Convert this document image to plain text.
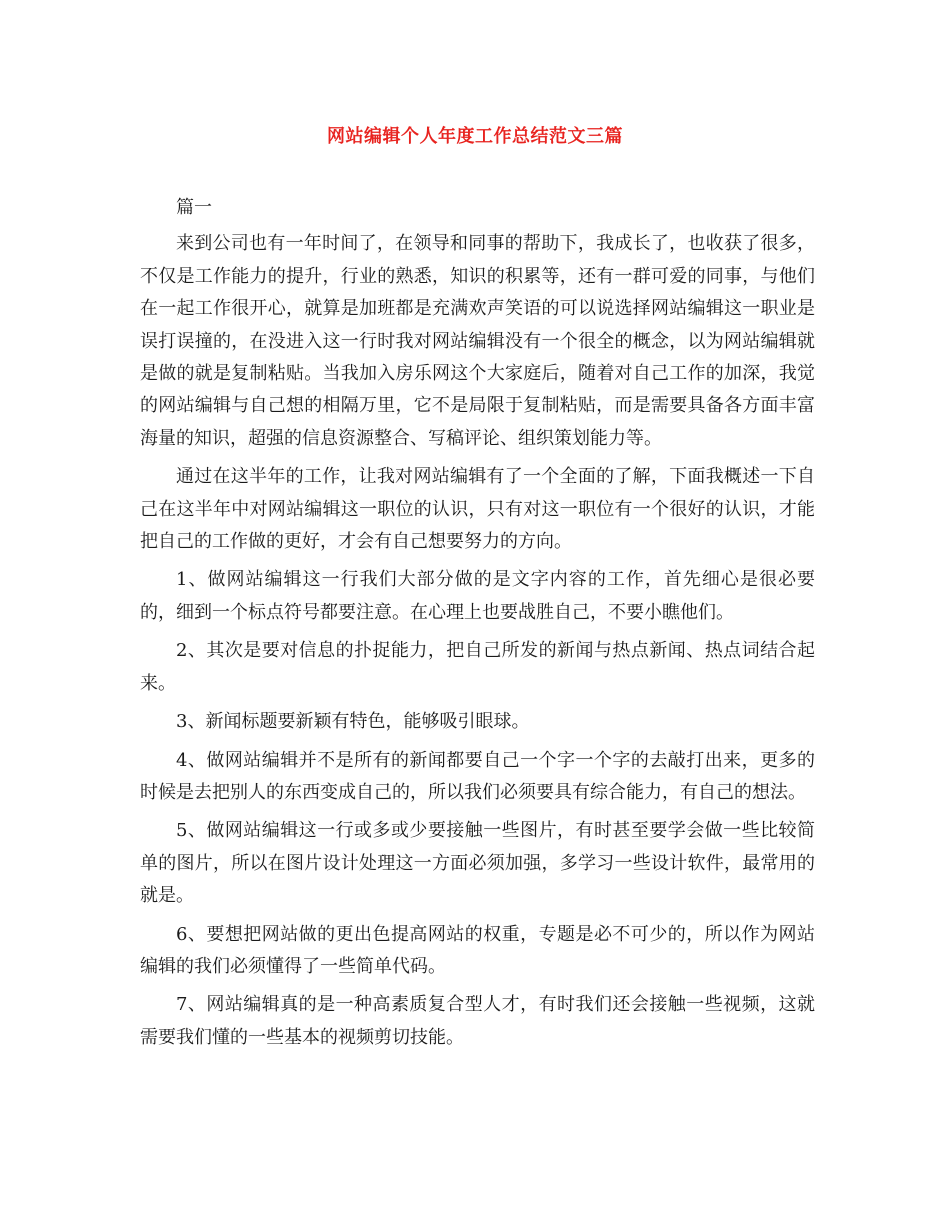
网站编辑个人年度工作总结范文三篇

篇一

来到公司也有一年时间了，在领导和同事的帮助下，我成长了，也收获了很多，不仅是工作能力的提升，行业的熟悉，知识的积累等，还有一群可爱的同事，与他们在一起工作很开心，就算是加班都是充满欢声笑语的可以说选择网站编辑这一职业是误打误撞的，在没进入这一行时我对网站编辑没有一个很全的概念，以为网站编辑就是做的就是复制粘贴。当我加入房乐网这个大家庭后，随着对自己工作的加深，我觉的网站编辑与自己想的相隔万里，它不是局限于复制粘贴，而是需要具备各方面丰富海量的知识，超强的信息资源整合、写稿评论、组织策划能力等。

通过在这半年的工作，让我对网站编辑有了一个全面的了解，下面我概述一下自己在这半年中对网站编辑这一职位的认识，只有对这一职位有一个很好的认识，才能把自己的工作做的更好，才会有自己想要努力的方向。

1、做网站编辑这一行我们大部分做的是文字内容的工作，首先细心是很必要的，细到一个标点符号都要注意。在心理上也要战胜自己，不要小瞧他们。

2、其次是要对信息的扑捉能力，把自己所发的新闻与热点新闻、热点词结合起来。

3、新闻标题要新颖有特色，能够吸引眼球。

4、做网站编辑并不是所有的新闻都要自己一个字一个字的去敲打出来，更多的时候是去把别人的东西变成自己的，所以我们必须要具有综合能力，有自己的想法。

5、做网站编辑这一行或多或少要接触一些图片，有时甚至要学会做一些比较简单的图片，所以在图片设计处理这一方面必须加强，多学习一些设计软件，最常用的就是。

6、要想把网站做的更出色提高网站的权重，专题是必不可少的，所以作为网站编辑的我们必须懂得了一些简单代码。

7、网站编辑真的是一种高素质复合型人才，有时我们还会接触一些视频，这就需要我们懂的一些基本的视频剪切技能。
